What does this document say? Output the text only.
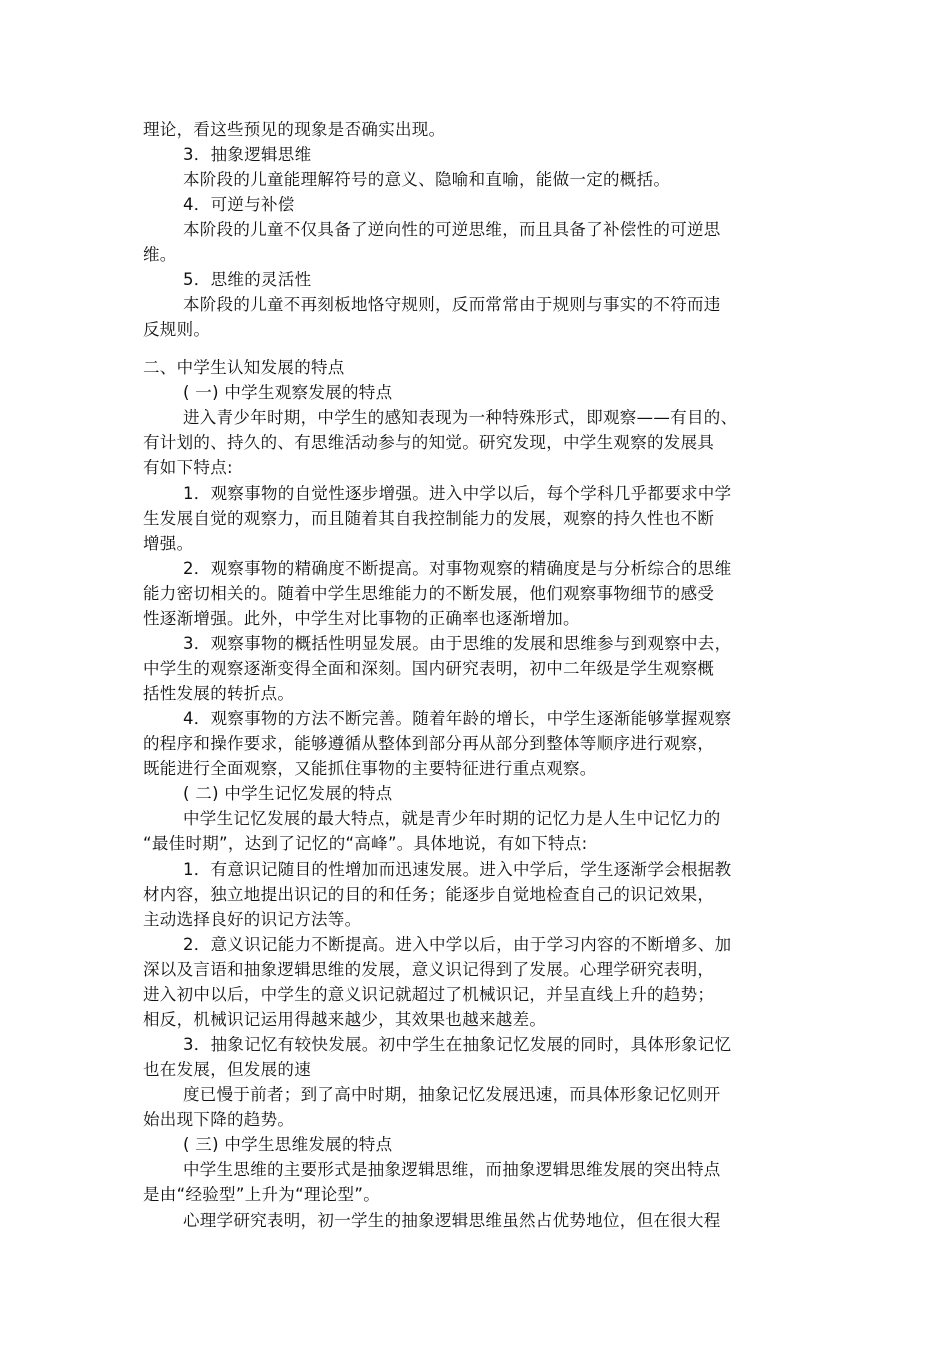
理论，看这些预见的现象是否确实出现。
3．抽象逻辑思维
本阶段的儿童能理解符号的意义、隐喻和直喻，能做一定的概括。
4．可逆与补偿
本阶段的儿童不仅具备了逆向性的可逆思维，而且具备了补偿性的可逆思
维。
5．思维的灵活性
本阶段的儿童不再刻板地恪守规则，反而常常由于规则与事实的不符而违
反规则。
二、中学生认知发展的特点
( 一) 中学生观察发展的特点
进入青少年时期，中学生的感知表现为一种特殊形式，即观察——有目的、
有计划的、持久的、有思维活动参与的知觉。研究发现，中学生观察的发展具
有如下特点:
1．观察事物的自觉性逐步增强。进入中学以后，每个学科几乎都要求中学
生发展自觉的观察力，而且随着其自我控制能力的发展，观察的持久性也不断
增强。
2．观察事物的精确度不断提高。对事物观察的精确度是与分析综合的思维
能力密切相关的。随着中学生思维能力的不断发展，他们观察事物细节的感受
性逐渐增强。此外，中学生对比事物的正确率也逐渐增加。
3．观察事物的概括性明显发展。由于思维的发展和思维参与到观察中去，
中学生的观察逐渐变得全面和深刻。国内研究表明，初中二年级是学生观察概
括性发展的转折点。
4．观察事物的方法不断完善。随着年龄的增长，中学生逐渐能够掌握观察
的程序和操作要求，能够遵循从整体到部分再从部分到整体等顺序进行观察，
既能进行全面观察，又能抓住事物的主要特征进行重点观察。
( 二) 中学生记忆发展的特点
中学生记忆发展的最大特点，就是青少年时期的记忆力是人生中记忆力的
“最佳时期”，达到了记忆的“高峰”。具体地说，有如下特点:
1．有意识记随目的性增加而迅速发展。进入中学后，学生逐渐学会根据教
材内容，独立地提出识记的目的和任务；能逐步自觉地检查自己的识记效果，
主动选择良好的识记方法等。
2．意义识记能力不断提高。进入中学以后，由于学习内容的不断增多、加
深以及言语和抽象逻辑思维的发展，意义识记得到了发展。心理学研究表明，
进入初中以后，中学生的意义识记就超过了机械识记，并呈直线上升的趋势；
相反，机械识记运用得越来越少，其效果也越来越差。
3．抽象记忆有较快发展。初中学生在抽象记忆发展的同时，具体形象记忆
也在发展，但发展的速
度已慢于前者；到了高中时期，抽象记忆发展迅速，而具体形象记忆则开
始出现下降的趋势。
( 三) 中学生思维发展的特点
中学生思维的主要形式是抽象逻辑思维，而抽象逻辑思维发展的突出特点
是由“经验型”上升为“理论型”。
心理学研究表明，初一学生的抽象逻辑思维虽然占优势地位，但在很大程
